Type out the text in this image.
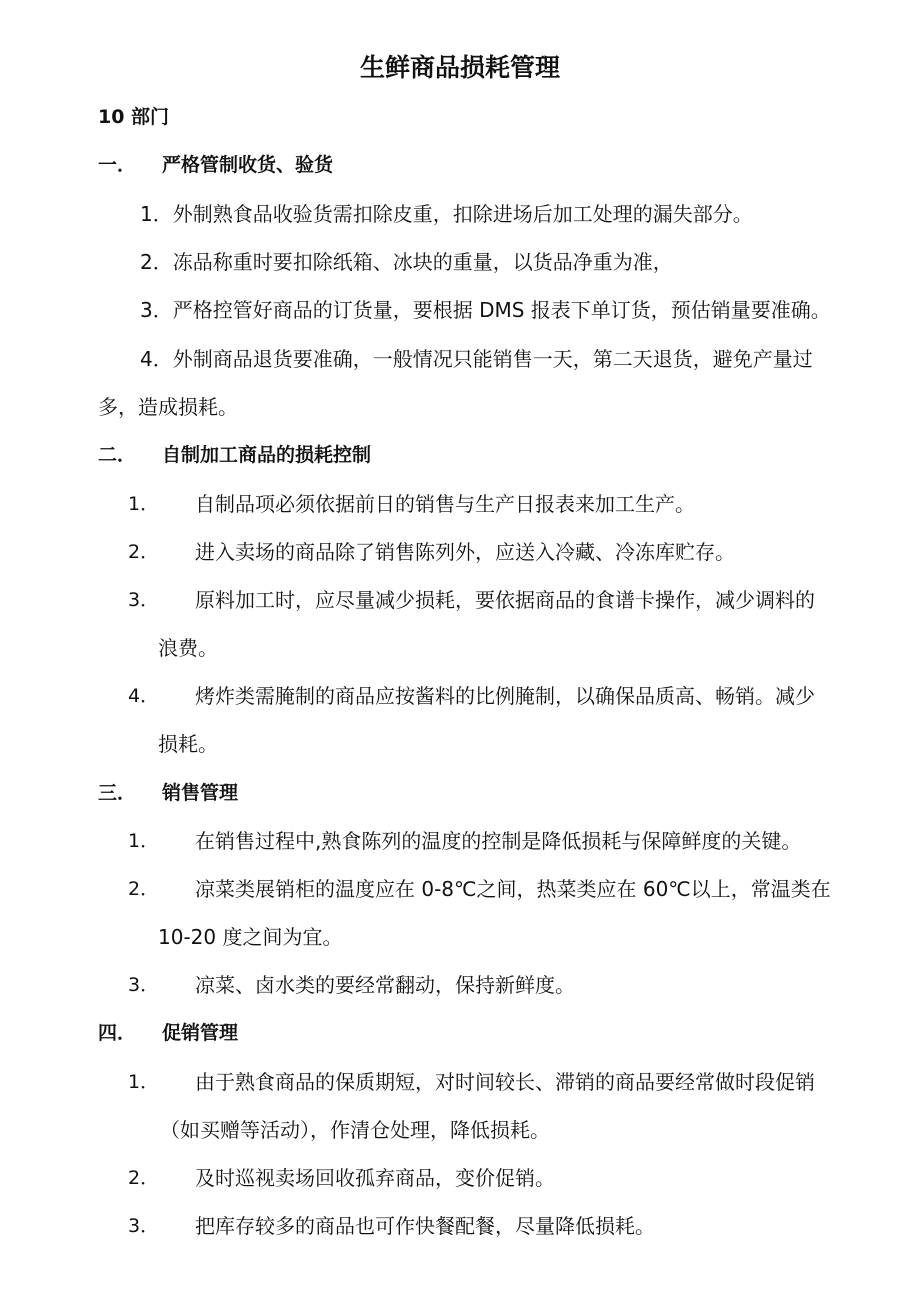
生鲜商品损耗管理
10 部门
一． 严格管制收货、验货
1．外制熟食品收验货需扣除皮重，扣除进场后加工处理的漏失部分。
2．冻品称重时要扣除纸箱、冰块的重量，以货品净重为准，
3．严格控管好商品的订货量，要根据 DMS 报表下单订货，预估销量要准确。
4．外制商品退货要准确，一般情况只能销售一天，第二天退货，避免产量过
多，造成损耗。
二． 自制加工商品的损耗控制
1． 自制品项必须依据前日的销售与生产日报表来加工生产。
2． 进入卖场的商品除了销售陈列外，应送入冷藏、冷冻库贮存。
3． 原料加工时，应尽量减少损耗，要依据商品的食谱卡操作，减少调料的
浪费。
4． 烤炸类需腌制的商品应按酱料的比例腌制，以确保品质高、畅销。减少
损耗。
三． 销售管理
1． 在销售过程中,熟食陈列的温度的控制是降低损耗与保障鲜度的关键。
2． 凉菜类展销柜的温度应在 0-8℃之间，热菜类应在 60℃以上，常温类在
10-20 度之间为宜。
3． 凉菜、卤水类的要经常翻动，保持新鲜度。
四． 促销管理
1． 由于熟食商品的保质期短，对时间较长、滞销的商品要经常做时段促销
（如买赠等活动），作清仓处理，降低损耗。
2． 及时巡视卖场回收孤弃商品，变价促销。
3． 把库存较多的商品也可作快餐配餐，尽量降低损耗。
